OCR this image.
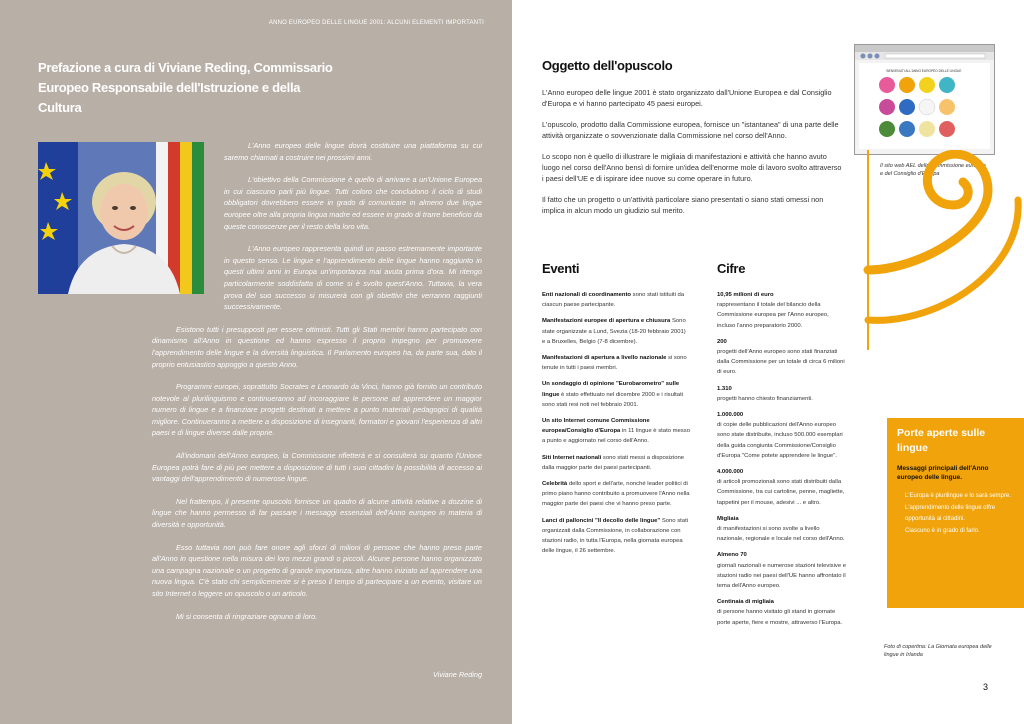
ANNO EUROPEO DELLE LINGUE 2001: ALCUNI ELEMENTI IMPORTANTI
Prefazione a cura di Viviane Reding, Commissario Europeo Responsabile dell'Istruzione e della Cultura

L'Anno europeo delle lingue dovrà costituire una piattaforma su cui saremo chiamati a costruire nei prossimi anni.

L'obiettivo della Commissione è quello di arrivare a un'Unione Europea in cui ciascuno parli più lingue. Tutti coloro che concludono il ciclo di studi obbligatori dovrebbero essere in grado di comunicare in almeno due lingue europee oltre alla propria lingua madre ed essere in grado di trarre beneficio da queste conoscenze per il resto della loro vita.

L'Anno europeo rappresenta quindi un passo estremamente importante in questo senso. Le lingue e l'apprendimento delle lingue hanno raggiunto in questi ultimi anni in Europa un'importanza mai avuta prima d'ora. Mi ritengo particolarmente soddisfatta di come si è svolto quest'Anno. Tuttavia, la vera prova del suo successo si misurerà con gli obiettivi che verranno raggiunti successivamente.

Esistono tutti i presupposti per essere ottimisti. Tutti gli Stati membri hanno partecipato con dinamismo all'Anno in questione ed hanno espresso il proprio impegno per promuovere l'apprendimento delle lingue e la diversità linguistica. Il Parlamento europeo ha, da parte sua, dato il proprio entusiastico appoggio a questo Anno.

Programmi europei, soprattutto Socrates e Leonardo da Vinci, hanno già fornito un contributo notevole al plurilinguismo e continueranno ad incoraggiare le persone ad apprendere un maggior numero di lingue e a finanziare progetti destinati a mettere a punto materiali pedagogici di qualità migliore. Continueranno a mettere a disposizione di insegnanti, formatori e giovani l'esperienza di altri paesi e di lingue diverse dalle proprie.

All'indomani dell'Anno europeo, la Commissione rifletterà e si consulterà su quanto l'Unione Europea potrà fare di più per mettere a disposizione di tutti i suoi cittadini la possibilità di accesso ai vantaggi dell'apprendimento di numerose lingue.

Nel frattempo, il presente opuscolo fornisce un quadro di alcune attività relative a dozzine di lingue che hanno permesso di far passare i messaggi essenziali dell'Anno europeo in materia di diversità e opportunità.

Esso tuttavia non può fare onore agli sforzi di milioni di persone che hanno preso parte all'Anno in questione nella misura dei loro mezzi grandi o piccoli. Alcune persone hanno organizzato una campagna nazionale o un progetto di grande importanza, altre hanno iniziato ad apprendere una nuova lingua. C'è stato chi semplicemente si è preso il tempo di partecipare a un evento, visitare un sito Internet o leggere un opuscolo o un articolo.

Mi si consenta di ringraziare ognuno di loro.

Viviane Reding
Oggetto dell'opuscolo

L'Anno europeo delle lingue 2001 è stato organizzato dall'Unione Europea e dal Consiglio d'Europa e vi hanno partecipato 45 paesi europei.

L'opuscolo, prodotto dalla Commissione europea, fornisce un "istantanea" di una parte delle attività organizzate o sovvenzionate dalla Commissione nel corso dell'Anno.

Lo scopo non è quello di illustrare le migliaia di manifestazioni e attività che hanno avuto luogo nel corso dell'Anno bensì di fornire un'idea dell'enorme mole di lavoro svolto attraverso i paesi dell'UE e di ispirare idee nuove su come operare in futuro.

Il fatto che un progetto o un'attività particolare siano presentati o siano stati omessi non implica in alcun modo un giudizio sul merito.

Eventi	Cifre
Enti nazionali di coordinamento sono stati istituiti da ciascun paese partecipante.
Manifestazioni europee di apertura e chiusura Sono state organizzate a Lund, Svezia (18-20 febbraio 2001) e a Bruxelles, Belgio (7-8 dicembre).
Manifestazioni di apertura a livello nazionale si sono tenute in tutti i paesi membri.
Un sondaggio di opinione "Eurobarometro" sulle lingue è stato effettuato nel dicembre 2000 e i risultati sono stati resi noti nel febbraio 2001.
Un sito Internet comune Commissione europea/Consiglio d'Europa in 11 lingue è stato messo a punto e aggiornato nel corso dell'Anno.
Siti Internet nazionali sono stati messi a disposizione dalla maggior parte dei paesi partecipanti.
Celebrità dello sport e dell'arte, nonché leader politici di primo piano hanno contribuito a promuovere l'Anno nella maggior parte dei paesi che vi hanno preso parte.
Lanci di palloncini "Il decollo delle lingue" Sono stati organizzati dalla Commissione, in collaborazione con stazioni radio, in tutta l'Europa, nella giornata europea delle lingue, il 26 settembre.
10,95 milioni di euro
rappresentano il totale del bilancio della Commissione europea per l'Anno europeo, incluso l'anno preparatorio 2000.
200
progetti dell'Anno europeo sono stati finanziati dalla Commissione per un totale di circa 6 milioni di euro.
1.310
progetti hanno chiesto finanziamenti.
1.000.000
di copie delle pubblicazioni dell'Anno europeo sono state distribuite, incluso 500.000 esemplari della guida congiunta Commissione/Consiglio d'Europa "Come potete apprendere le lingue".
4.000.000
di articoli promozionali sono stati distribuiti dalla Commissione, tra cui cartoline, penne, magliette, tappetini per il mouse, adesivi ... e altro.
Migliaia
di manifestazioni si sono svolte a livello nazionale, regionale e locale nel corso dell'Anno.
Almeno 70
giornali nazionali e numerose stazioni televisive e stazioni radio nei paesi dell'UE hanno affrontato il tema dell'Anno europeo.
Centinaia di migliaia
di persone hanno visitato gli stand in giornate porte aperte, fiere e mostre, attraverso l'Europa.
BENVENUTI ALL'ANNO EUROPEO DELLE LINGUE
Il sito web AEL della Commissione europea e del Consiglio d'Europa
Porte aperte sulle lingue
Messaggi principali dell'Anno europeo delle lingue.
L'Europa è plurilingue e lo sarà sempre.
L'apprendimento delle lingue offre opportunità ai cittadini.
Ciascuno è in grado di farlo.
Foto di copertina: La Giornata europea delle lingue in Irlanda
3
